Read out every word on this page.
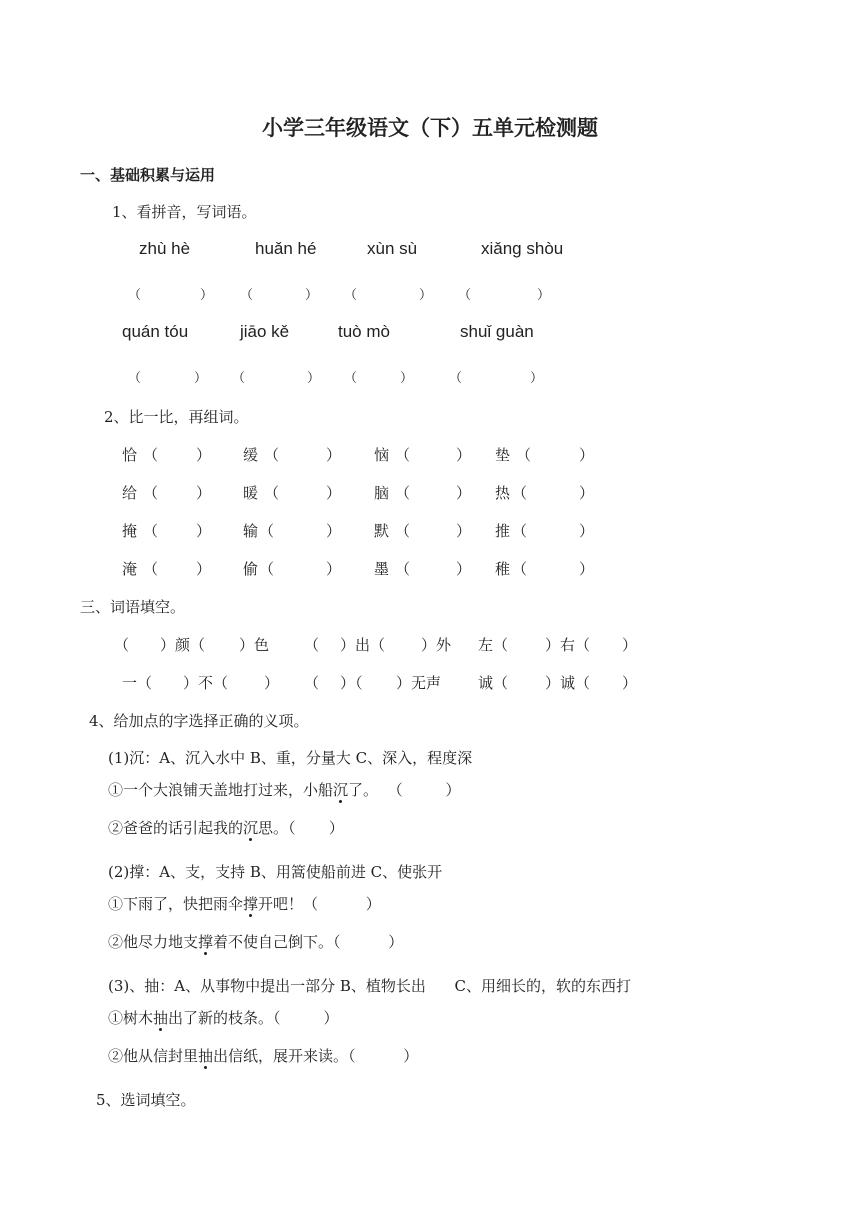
小学三年级语文（下）五单元检测题
一、基础积累与运用
1、看拼音，写词语。
zhù hè	huǎn hé	xùn sù	xiǎng shòu
（	） （	） （	） （	）
quán tóu	jiāo kě	tuò mò	shuǐ guàn
（	） （	） （	）	（	）
2、比一比，再组词。
恰 （	） 缓 （	） 恼 （	） 垫 （	）
给 （	） 暖 （	） 脑 （	） 热 （	）
掩 （	） 输 （	） 默 （	） 推 （	）
淹 （	） 偷 （	） 墨 （	） 稚 （	）
三、词语填空。
（ ）颜（ ）色 （ ）出（ ）外 左（ ）右（ ）
一（ ）不（ ） （ ）（ ）无声 诚（ ）诚（ ）
4、给加点的字选择正确的义项。
(1)沉：A、沉入水中 B、重，分量大 C、深入，程度深
①一个大浪铺天盖地打过来，小船沉了。  （         ）
②爸爸的话引起我的沉思。（       ）
(2)撑：A、支，支持 B、用篙使船前进 C、使张开
①下雨了，快把雨伞撑开吧！（          ）
②他尽力地支撑着不使自己倒下。（          ）
(3)、抽：A、从事物中提出一部分 B、植物长出      C、用细长的，软的东西打
①树木抽出了新的枝条。（         ）
②他从信封里抽出信纸，展开来读。（          ）
5、选词填空。
